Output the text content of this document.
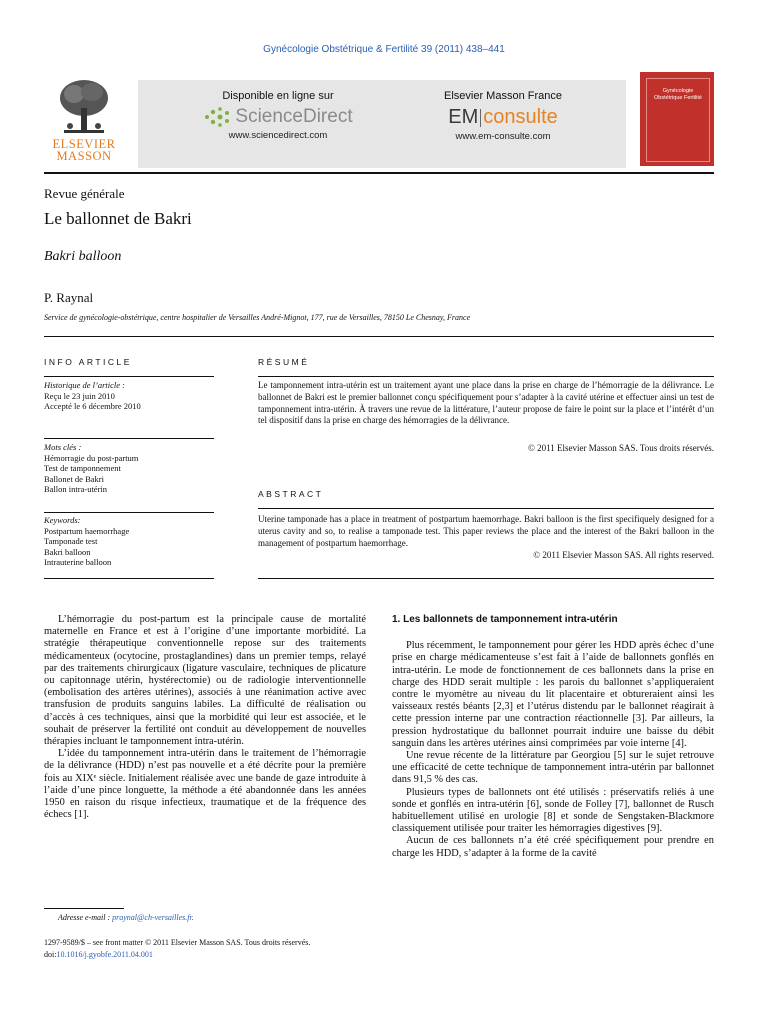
Gynécologie Obstétrique & Fertilité 39 (2011) 438–441
ELSEVIER
MASSON
Disponible en ligne sur
ScienceDirect
www.sciencedirect.com
Elsevier Masson France
EM consulte
www.em-consulte.com
Gynécologie Obstétrique Fertilité
Revue générale
Le ballonnet de Bakri
Bakri balloon
P. Raynal
Service de gynécologie-obstétrique, centre hospitalier de Versailles André-Mignot, 177, rue de Versailles, 78150 Le Chesnay, France
INFO ARTICLE
Historique de l’article :
Reçu le 23 juin 2010
Accepté le 6 décembre 2010
Mots clés :
Hémorragie du post-partum
Test de tamponnement
Ballonet de Bakri
Ballon intra-utérin
Keywords:
Postpartum haemorrhage
Tamponade test
Bakri balloon
Intrauterine balloon
RÉSUMÉ
Le tamponnement intra-utérin est un traitement ayant une place dans la prise en charge de l’hémorragie de la délivrance. Le ballonnet de Bakri est le premier ballonnet conçu spécifiquement pour s’adapter à la cavité utérine et effectuer ainsi un test de tamponnement intra-utérin. À travers une revue de la littérature, l’auteur propose de faire le point sur la place et l’intérêt d’un tel dispositif dans la prise en charge des hémorragies de la délivrance.
© 2011 Elsevier Masson SAS. Tous droits réservés.
ABSTRACT
Uterine tamponade has a place in treatment of postpartum haemorrhage. Bakri balloon is the first specifiquely designed for a uterus cavity and so, to realise a tamponade test. This paper reviews the place and the interest of the Bakri balloon in the management of postpartum haemorrhage.
© 2011 Elsevier Masson SAS. All rights reserved.

L’hémorragie du post-partum est la principale cause de mortalité maternelle en France et est à l’origine d’une importante morbidité. La stratégie thérapeutique conventionnelle repose sur des traitements médicamenteux (ocytocine, prostaglandines) dans un premier temps, relayé par des traitements chirurgicaux (ligature vasculaire, techniques de plicature ou capitonnage utérin, hystérectomie) ou de radiologie interventionnelle (embolisation des artères utérines), associés à une réanimation active avec transfusion de produits sanguins labiles. La difficulté de réalisation ou d’accès à ces techniques, ainsi que la morbidité qui leur est associée, et le souhait de préserver la fertilité ont conduit au développement de nouvelles thérapies incluant le tamponnement intra-utérin.

L’idée du tamponnement intra-utérin dans le traitement de l’hémorragie de la délivrance (HDD) n’est pas nouvelle et a été décrite pour la première fois au XIXᵉ siècle. Initialement réalisée avec une bande de gaze introduite à l’aide d’une pince longuette, la méthode a été abandonnée dans les années 1950 en raison du risque infectieux, traumatique et de la fréquence des échecs [1].

1. Les ballonnets de tamponnement intra-utérin

Plus récemment, le tamponnement pour gérer les HDD après échec d’une prise en charge médicamenteuse s’est fait à l’aide de ballonnets gonflés en intra-utérin. Le mode de fonctionnement de ces ballonnets dans la prise en charge des HDD serait multiple : les parois du ballonnet s’appliqueraient contre le myomètre au niveau du lit placentaire et obtureraient ainsi les vaisseaux restés béants [2,3] et l’utérus distendu par le ballonnet réagirait à cette pression interne par une contraction réactionnelle [3]. Par ailleurs, la pression hydrostatique du ballonnet pourrait induire une baisse du débit sanguin dans les artères utérines ainsi comprimées par voie interne [4].

Une revue récente de la littérature par Georgiou [5] sur le sujet retrouve une efficacité de cette technique de tamponnement intra-utérin par ballonnet dans 91,5 % des cas.

Plusieurs types de ballonnets ont été utilisés : préservatifs reliés à une sonde et gonflés en intra-utérin [6], sonde de Folley [7], ballonnet de Rusch habituellement utilisé en urologie [8] et sonde de Sengstaken-Blackmore classiquement utilisée pour traiter les hémorragies digestives [9].

Aucun de ces ballonnets n’a été créé spécifiquement pour prendre en charge les HDD, s’adapter à la forme de la cavité

Adresse e-mail : praynal@ch-versailles.fr.
1297-9589/$ – see front matter © 2011 Elsevier Masson SAS. Tous droits réservés.
doi:10.1016/j.gyobfe.2011.04.001
